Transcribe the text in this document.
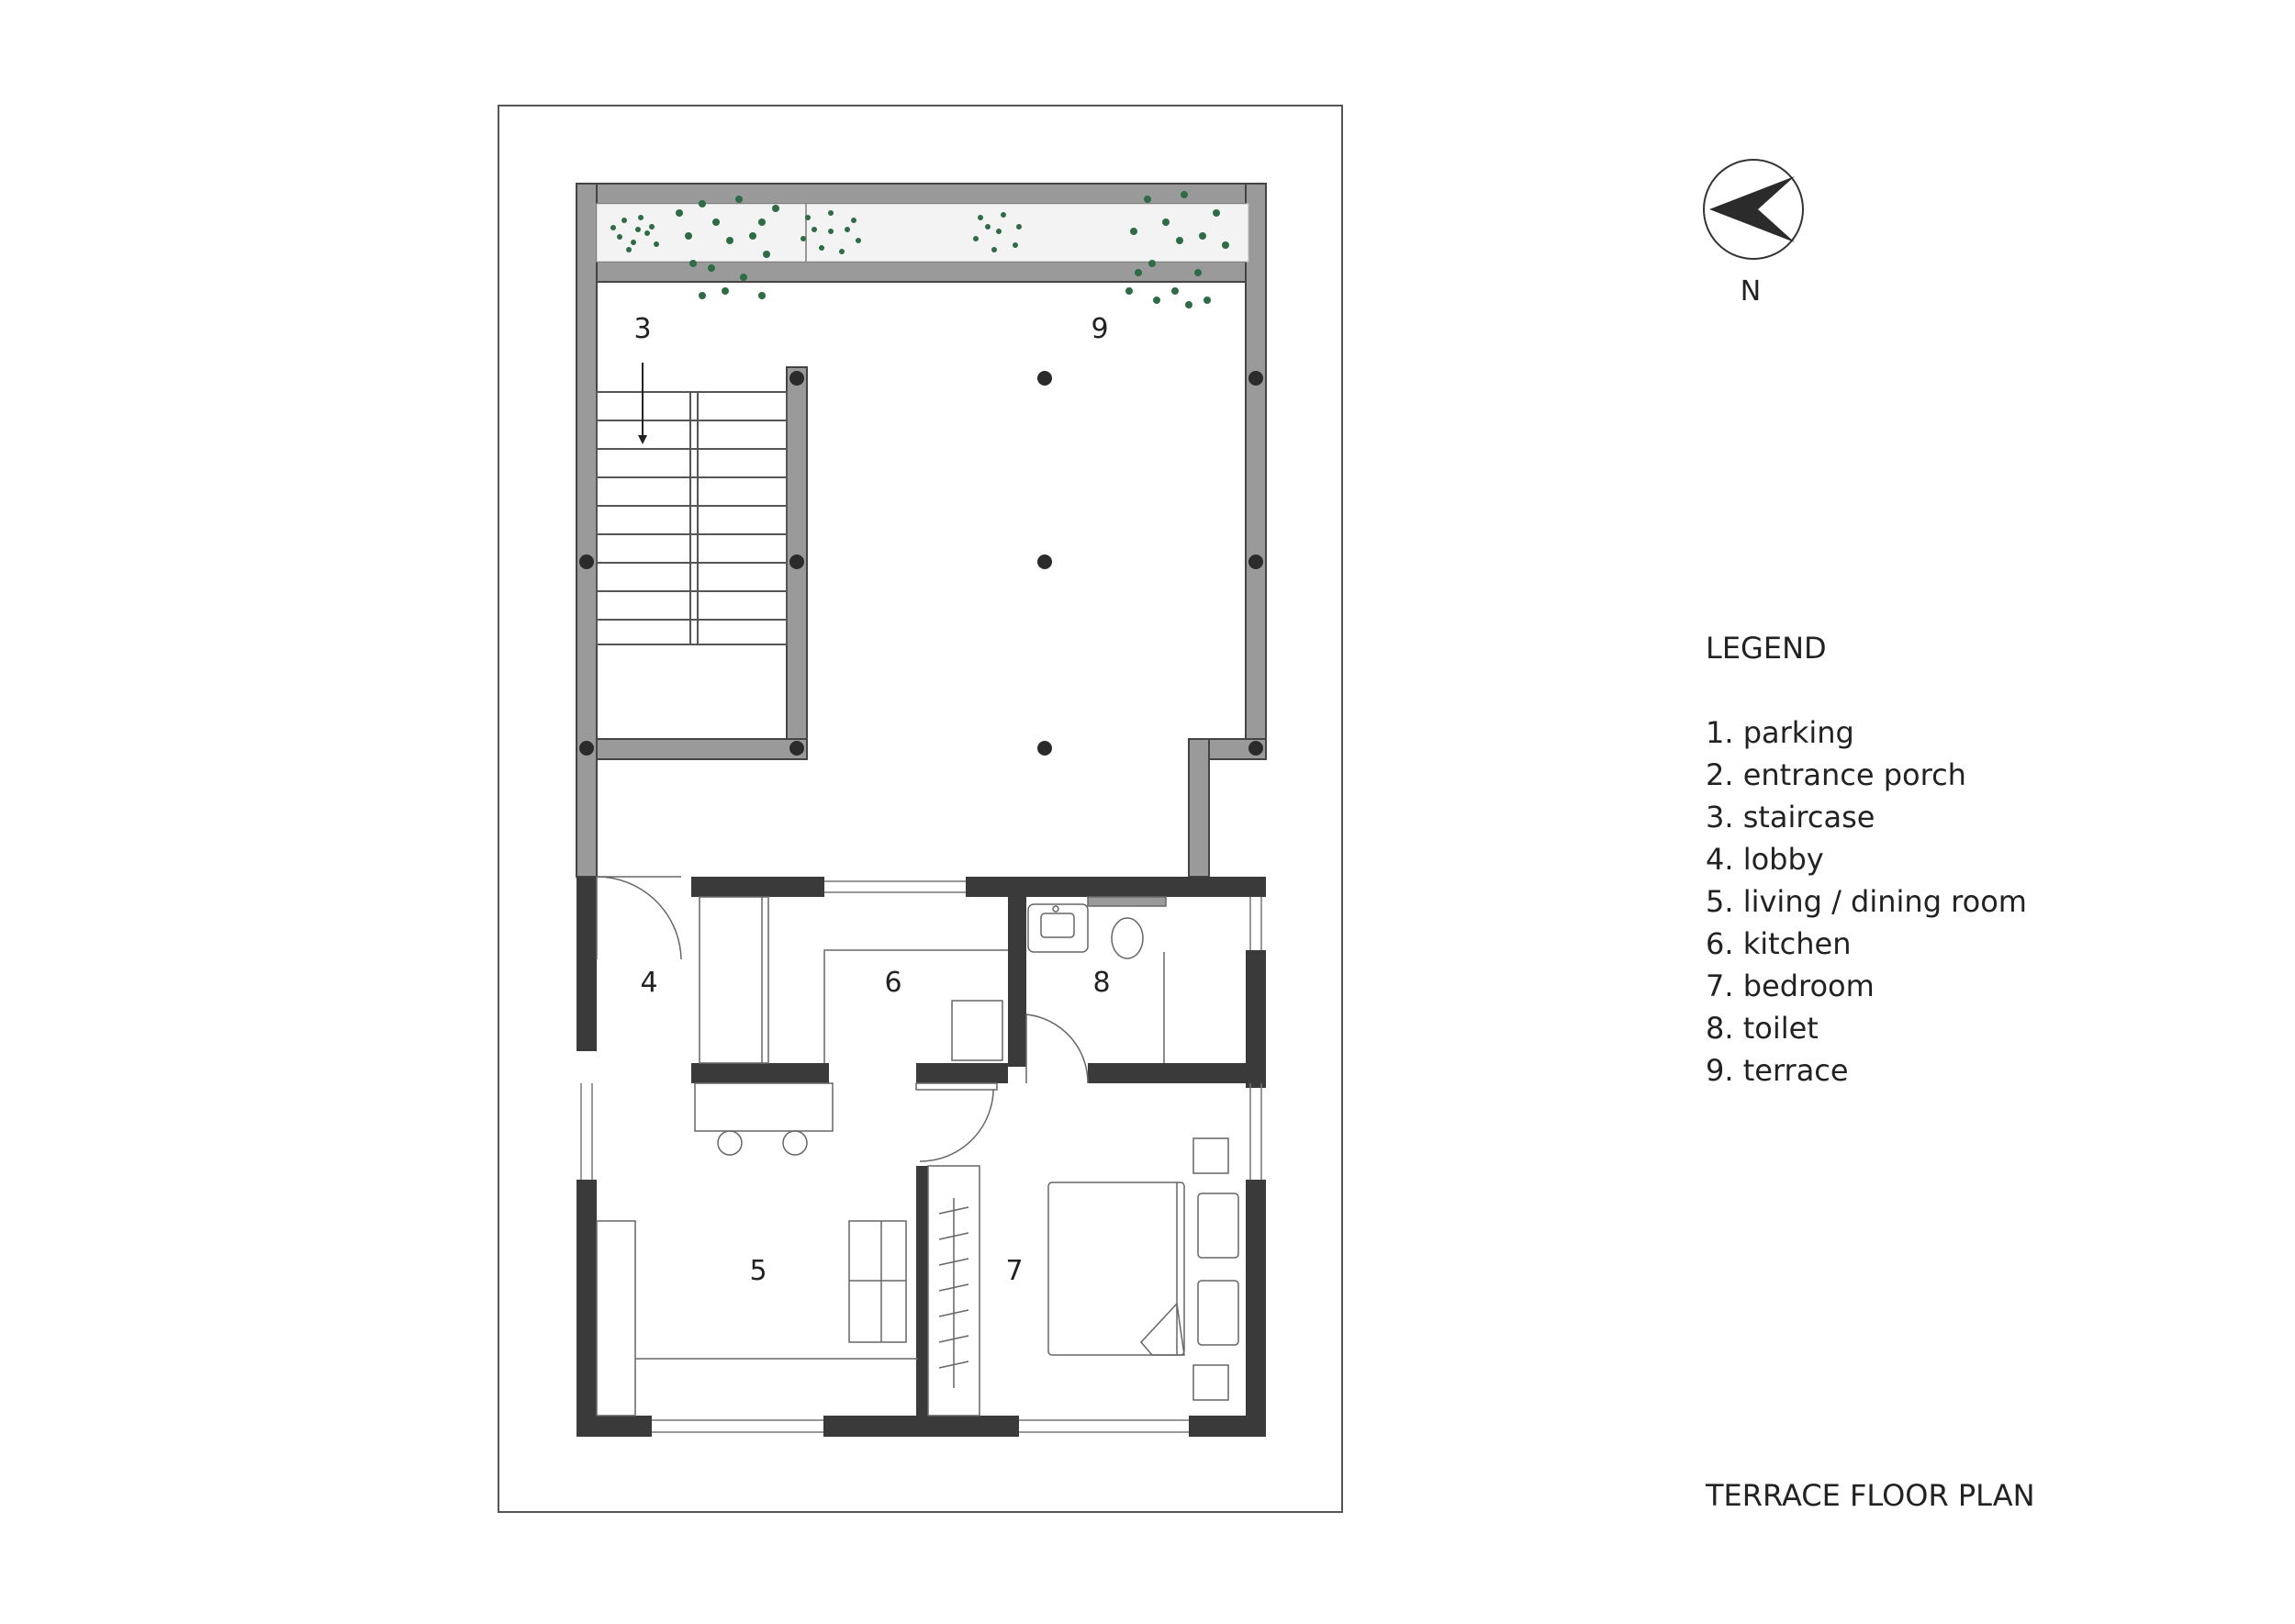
3	9
4	6	8
5	7
N
LEGEND
1. parking
2. entrance porch
3. staircase
4. lobby
5. living / dining room
6. kitchen
7. bedroom
8. toilet
9. terrace
TERRACE FLOOR PLAN
